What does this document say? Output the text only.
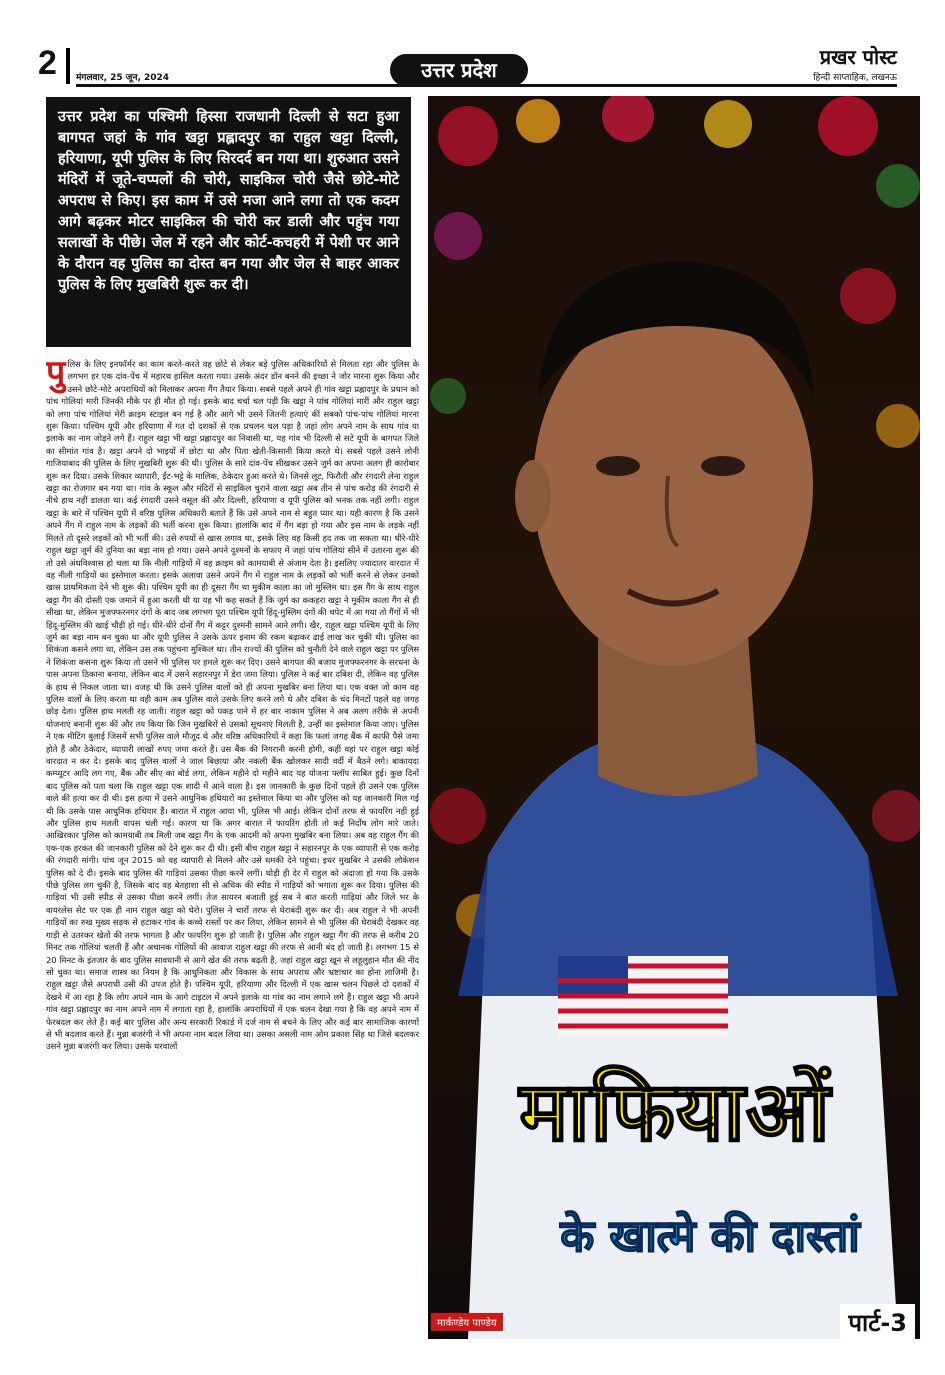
2 मंगलवार, 25 जून, 2024	उत्तर प्रदेश
प्रखर पोस्ट
हिन्दी साप्ताहिक, लखनऊ
उत्तर प्रदेश का पश्चिमी हिस्सा राजधानी दिल्ली से सटा हुआ बागपत जहां के गांव खट्टा प्रह्लादपुर का राहुल खट्टा दिल्ली, हरियाणा, यूपी पुलिस के लिए सिरदर्द बन गया था। शुरुआत उसने मंदिरों में जूते-चप्पलों की चोरी, साइकिल चोरी जैसे छोटे-मोटे अपराध से किए। इस काम में उसे मजा आने लगा तो एक कदम आगे बढ़कर मोटर साइकिल की चोरी कर डाली और पहुंच गया सलाखों के पीछे। जेल में रहने और कोर्ट-कचहरी में पेशी पर आने के दौरान वह पुलिस का दोस्त बन गया और जेल से बाहर आकर पुलिस के लिए मुखबिरी शुरू कर दी।
पुलिस के लिए इनफॉर्मर का काम करते-करते वह छोटे से लेकर बड़े पुलिस अधिकारियों से मिलता रहा और पुलिस के लगभग हर एक दांव-पेंच में महारथ हासिल करता गया। उसके अंदर डॉन बनने की इच्छा ने जोर मारना शुरू किया और उसने छोटे-मोटे अपराधियों को मिलाकर अपना गैंग तैयार किया। सबसे पहले अपने ही गांव खट्टा प्रह्लादपुर के प्रधान को पांच गोलियां मारी जिनकी मौके पर ही मौत हो गई। इसके बाद चर्चा चल पड़ी कि खट्टा ने पांच गोलियां मारीं और राहुल खट्टा को लगा पांच गोलियां मेरी क्राइम स्टाइल बन गई है और आगे भी उसने जितनी हत्याएं कीं सबको पांच-पांच गोलियां मारना शुरू किया। पश्चिम यूपी और हरियाणा में गत दो दशकों से एक प्रचलन चल पड़ा है जहां लोग अपने नाम के साथ गांव या इलाके का नाम जोड़ने लगे हैं। राहुल खट्टा भी खट्टा प्रह्लादपुर का निवासी था, यह गांव भी दिल्ली से सटे यूपी के बागपत जिले का सीमांत गांव है। खट्टा अपने दो भाइयों में छोटा था और पिता खेती-किसानी किया करते थे। सबसे पहले उसने लोनी गाजियाबाद की पुलिस के लिए मुखबिरी शुरू की थी। पुलिस के सारे दांव-पेंच सीखकर उसने जुर्म का अपना अलग ही कारोबार शुरू कर दिया। उसके शिकार व्यापारी, ईंट-भट्टे के मालिक, ठेकेदार हुआ करते थे। जिनसे लूट, फिरौती और रंगदारी लेना राहुल खट्टा का रोजगार बन गया था। गांव के स्कूल और मंदिरों से साइकिल चुराने वाला खट्टा अब तीन से पांच करोड़ की रंगदारी से नीचे हाथ नहीं डालता था। कई रंगदारी उसने वसूल कीं और दिल्ली, हरियाणा व यूपी पुलिस को भनक तक नहीं लगी। राहुल खट्टा के बारे में पश्चिम यूपी में वरिष्ठ पुलिस अधिकारी बताते हैं कि उसे अपने नाम से बहुत प्यार था। यही कारण है कि उसने अपने गैंग में राहुल नाम के लड़कों की भर्ती करना शुरू किया। हालांकि बाद में गैंग बड़ा हो गया और इस नाम के लड़के नहीं मिलते तो दूसरे लड़कों को भी भर्ती की। उसे रुपयों से खास लगाव था, इसके लिए वह किसी हद तक जा सकता था। धीरे-धीरे राहुल खट्टा जुर्म की दुनिया का बड़ा नाम हो गया। उसने अपने दुश्मनों के सफाए में जहां पांच गोलियां सीने में उतारना शुरू की तो उसे अंधविश्वास हो चला था कि नीली गाड़ियों में वह क्राइम को कामयाबी से अंजाम देता है। इसलिए ज्यादातर वारदात में वह नीली गाड़ियों का इस्तेमाल करता। इसके अलावा उसने अपने गैंग में राहुल नाम के लड़कों को भर्ती करने से लेकर उनको खास प्राथमिकता देने भी शुरू की। पश्चिम यूपी का ही दूसरा गैंग था मुकीम काला का जो मुस्लिम था। इस गैंग के साथ राहुल खट्टा गैंग की दोस्ती एक जमाने में हुआ करती थी या यह भी कह सकते हैं कि जुर्म का ककहरा खट्टा ने मुकीम काला गैंग से ही सीखा था, लेकिन मुजफ्फरनगर दंगों के बाद जब लगभग पूरा पश्चिम यूपी हिंदू-मुस्लिम दंगों की चपेट में आ गया तो गैंगों में भी हिंदू-मुस्लिम की खाई चौड़ी हो गई। धीरे-धीरे दोनों गैंग में कट्टर दुश्मनी सामने आने लगी। खैर, राहुल खट्टा पश्चिम यूपी के लिए जुर्म का बड़ा नाम बन चुका था और यूपी पुलिस ने उसके ऊपर इनाम की रकम बढ़ाकर ढाई लाख कर चुकी थी। पुलिस का शिकंजा कसने लगा था, लेकिन उस तक पहुंचना मुश्किल था। तीन राज्यों की पुलिस को चुनौती देने वाले राहुल खट्टा पर पुलिस ने शिकंजा कसना शुरू किया तो उसने भी पुलिस पर हमले शुरू कर दिए। उसने बागपत की बजाय मुजफ्फरनगर के सरधना के पास अपना ठिकाना बनाया, लेकिन बाद में उसने सहारनपुर में डेरा जमा लिया। पुलिस ने कई बार दबिश दी, लेकिन वह पुलिस के हाथ से निकल जाता था। वजह थी कि उसने पुलिस वालों को ही अपना मुखबिर बना लिया था। एक वक्त जो काम वह पुलिस वालों के लिए करता था वही काम अब पुलिस वाले उसके लिए करने लगे थे और दबिश के चंद मिनटों पहले वह जगह छोड़ देता। पुलिस हाथ मलती रह जाती। राहुल खट्टा को पकड़ पाने में हर बार नाकाम पुलिस ने अब अलग तरीके से अपनी योजनाएं बनानी शुरू कीं और तय किया कि जिन मुखबिरों से उसको सूचनाएं मिलती है, उन्हीं का इस्तेमाल किया जाए। पुलिस ने एक मीटिंग बुलाई जिसमें सभी पुलिस वाले मौजूद थे और वरिष्ठ अधिकारियों ने कहा कि फलां जगह बैंक में काफी पैसे जमा होते हैं और ठेकेदार, व्यापारी लाखों रुपए जमा करते हैं। उस बैंक की निगरानी करनी होगी, कहीं वहां पर राहुल खट्टा कोई वारदात न कर दे। इसके बाद पुलिस वालों ने जाल बिछाया और नकली बैंक खोलकर सादी वर्दी में बैठने लगे। बाकायदा कम्प्यूटर आदि लग गए, बैंक और सीए का बोर्ड लगा, लेकिन महीने दो महीने बाद यह योजना फ्लॉप साबित हुई। कुछ दिनों बाद पुलिस को पता चला कि राहुल खट्टा एक शादी में आने वाला है। इस जानकारी के कुछ दिनों पहले ही उसने एक पुलिस वाले की हत्या कर दी थी। इस हत्या में उसने आधुनिक हथियारों का इस्तेमाल किया था और पुलिस को यह जानकारी मिल गई थी कि उसके पास आधुनिक हथियार हैं। बारात में राहुल आया भी, पुलिस भी आई। लेकिन दोनों तरफ से फायरिंग नहीं हुई और पुलिस हाथ मलती वापस चली गई। कारण था कि अगर बारात में फायरिंग होती तो कई निर्दोष लोग मारे जाते। आखिरकार पुलिस को कामयाबी तब मिली जब खट्टा गैंग के एक आदमी को अपना मुखबिर बना लिया। अब वह राहुल गैंग की एक-एक हरकत की जानकारी पुलिस को देने शुरू कर दी थी। इसी बीच राहुल खट्टा ने सहारनपुर के एक व्यापारी से एक करोड़ की रंगदारी मांगी। पांच जून 2015 को वह व्यापारी से मिलने और उसे धमकी देने पहुंचा। इधर मुखबिर ने उसकी लोकेशन पुलिस को दे दी। इसके बाद पुलिस की गाड़ियां उसका पीछा करने लगीं। थोड़ी ही देर में राहुल को अंदाजा हो गया कि उसके पीछे पुलिस लग चुकी है, जिसके बाद वह बेतहाशा सी से अधिक की स्पीड में गाड़ियों को भगाता शुरू कर दिया। पुलिस की गाड़ियां भी उसी स्पीड से उसका पीछा करने लगीं। तेज सायरन बजाती हुई सब ने बात करती गाड़ियां और जिले भर के वायरलेस सेट पर एक ही नाम राहुल खट्टा को घेरो। पुलिस ने चारों तरफ से घेराबंदी शुरू कर दी। अब राहुल ने भी अपनी गाड़ियों का रुख मुख्य सड़क से हटाकर गांव के कच्चे रास्तों पर कर लिया, लेकिन सामने से भी पुलिस की घेराबंदी देखकर वह गाड़ी से उतरकर खेतों की तरफ भागता है और फायरिंग शुरू हो जाती है। पुलिस और राहुल खट्टा गैंग की तरफ से करीब 20 मिनट तक गोलियां चलती हैं और अचानक गोलियों की आवाज राहुल खट्टा की तरफ से आनी बंद हो जाती है। लगभग 15 से 20 मिनट के इंतजार के बाद पुलिस सावधानी से आगे खेत की तरफ बढ़ती है, जहां राहुल खट्टा खून से लहूलुहान मौत की नींद सो चुका था। समाज शास्त्र का नियम है कि आधुनिकता और विकास के साथ अपराध और भ्रष्टाचार का होना लाजिमी है। राहुल खट्टा जैसे अपराधी उसी की उपज होते हैं। पश्चिम यूपी, हरियाणा और दिल्ली में एक खास चलन पिछले दो दशकों में देखने में आ रहा है कि लोग अपने नाम के आगे टाइटल में अपने इलाके या गांव का नाम लगाने लगे हैं। राहुल खट्टा भी अपने गांव खट्टा प्रह्लादपुर का नाम अपने नाम में लगाता रहा है, हालांकि अपराधियों में एक चलन देखा गया है कि वह अपने नाम में फेरबदल कर लेते हैं। कई बार पुलिस और अन्य सरकारी रिकार्ड में दर्ज नाम से बचने के लिए और कई बार सामाजिक कारणों से भी बदलाव करते हैं। मुन्ना बजरंगी ने भी अपना नाम बदल लिया था। उसका असली नाम ओम प्रकाश सिंह था जिसे बदलकर उसने मुन्ना बजरंगी कर लिया। उसके घरवालों
माफियाओं
के खात्मे की दास्तां
मार्कण्डेय पाण्डेय	पार्ट-3
